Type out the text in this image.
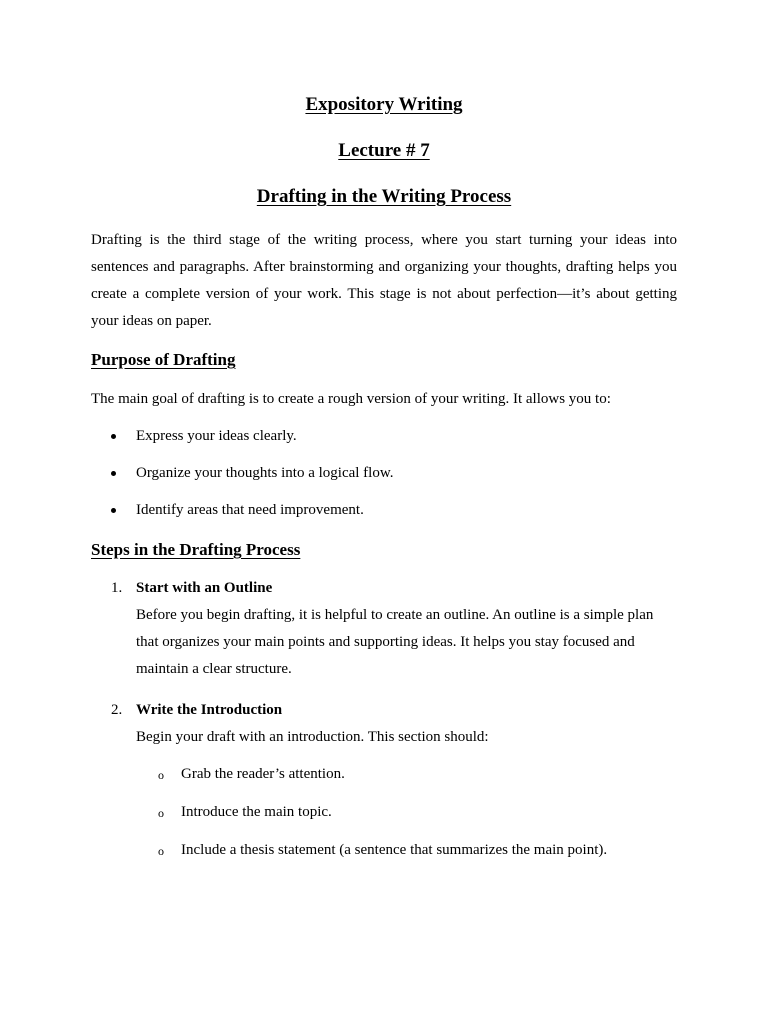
Expository Writing
Lecture # 7
Drafting in the Writing Process

Drafting is the third stage of the writing process, where you start turning your ideas into sentences and paragraphs. After brainstorming and organizing your thoughts, drafting helps you create a complete version of your work. This stage is not about perfection—it’s about getting your ideas on paper.

Purpose of Drafting

The main goal of drafting is to create a rough version of your writing. It allows you to:

Express your ideas clearly.
Organize your thoughts into a logical flow.
Identify areas that need improvement.
Steps in the Drafting Process
1. Start with an Outline
Before you begin drafting, it is helpful to create an outline. An outline is a simple plan that organizes your main points and supporting ideas. It helps you stay focused and maintain a clear structure.
2. Write the Introduction
Begin your draft with an introduction. This section should:
o Grab the reader’s attention.
o Introduce the main topic.
o Include a thesis statement (a sentence that summarizes the main point).
